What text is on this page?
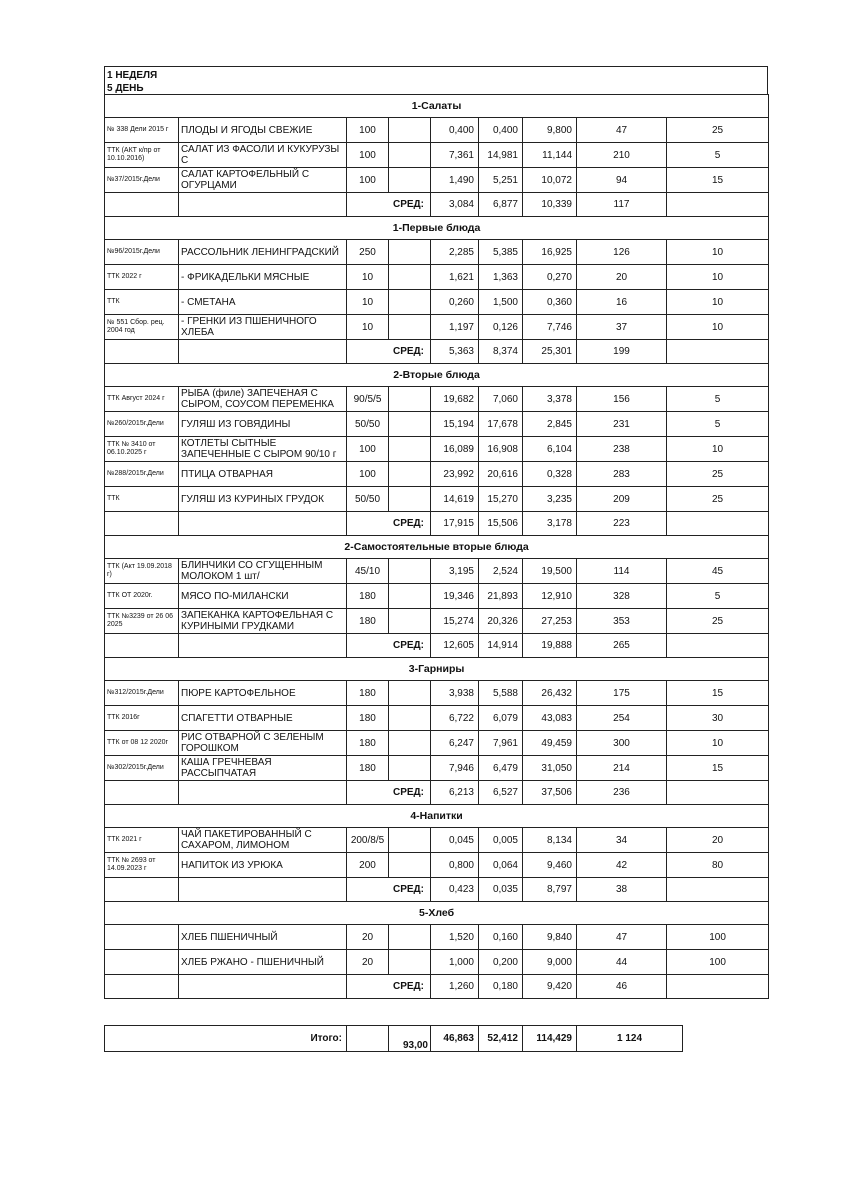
1 НЕДЕЛЯ
5 ДЕНЬ
1-Салаты								
№ 338 Дели 2015 г	ПЛОДЫ И ЯГОДЫ СВЕЖИЕ	100		0,400	0,400	9,800	47	25
ТТК (АКТ к/пр от 10.10.2016)	САЛАТ ИЗ ФАСОЛИ И КУКУРУЗЫ С	100		7,361	14,981	11,144	210	5
№37/2015г.Дели	САЛАТ КАРТОФЕЛЬНЫЙ С ОГУРЦАМИ	100		1,490	5,251	10,072	94	15
		СРЕД:		3,084	6,877	10,339	117	
1-Первые блюда								
№96/2015г.Дели	РАССОЛЬНИК ЛЕНИНГРАДСКИЙ	250		2,285	5,385	16,925	126	10
ТТК 2022 г	- ФРИКАДЕЛЬКИ МЯСНЫЕ	10		1,621	1,363	0,270	20	10
ТТК	- СМЕТАНА	10		0,260	1,500	0,360	16	10
№ 551 Сбор. рец. 2004 год	- ГРЕНКИ ИЗ ПШЕНИЧНОГО ХЛЕБА	10		1,197	0,126	7,746	37	10
		СРЕД:		5,363	8,374	25,301	199	
2-Вторые блюда								
ТТК Август 2024 г	РЫБА (филе) ЗАПЕЧЕНАЯ С СЫРОМ, СОУСОМ ПЕРЕМЕНКА	90/5/5		19,682	7,060	3,378	156	5
№260/2015г.Дели	ГУЛЯШ ИЗ ГОВЯДИНЫ	50/50		15,194	17,678	2,845	231	5
ТТК № 3410 от 06.10.2025 г	КОТЛЕТЫ СЫТНЫЕ ЗАПЕЧЕННЫЕ С СЫРОМ 90/10 г	100		16,089	16,908	6,104	238	10
№288/2015г.Дели	ПТИЦА ОТВАРНАЯ	100		23,992	20,616	0,328	283	25
ТТК	ГУЛЯШ ИЗ КУРИНЫХ ГРУДОК	50/50		14,619	15,270	3,235	209	25
		СРЕД:		17,915	15,506	3,178	223	
2-Самостоятельные вторые блюда								
ТТК (Акт 19.09.2018 г)	БЛИНЧИКИ СО СГУЩЕННЫМ МОЛОКОМ 1 шт/	45/10		3,195	2,524	19,500	114	45
ТТК ОТ 2020г.	МЯСО ПО-МИЛАНСКИ	180		19,346	21,893	12,910	328	5
ТТК №3239 от 26 06 2025	ЗАПЕКАНКА КАРТОФЕЛЬНАЯ С КУРИНЫМИ ГРУДКАМИ	180		15,274	20,326	27,253	353	25
		СРЕД:		12,605	14,914	19,888	265	
3-Гарниры								
№312/2015г.Дели	ПЮРЕ КАРТОФЕЛЬНОЕ	180		3,938	5,588	26,432	175	15
ТТК 2016г	СПАГЕТТИ ОТВАРНЫЕ	180		6,722	6,079	43,083	254	30
ТТК от 08 12 2020г	РИС ОТВАРНОЙ С ЗЕЛЕНЫМ ГОРОШКОМ	180		6,247	7,961	49,459	300	10
№302/2015г.Дели	КАША ГРЕЧНЕВАЯ РАССЫПЧАТАЯ	180		7,946	6,479	31,050	214	15
		СРЕД:		6,213	6,527	37,506	236	
4-Напитки								
ТТК 2021 г	ЧАЙ ПАКЕТИРОВАННЫЙ С САХАРОМ, ЛИМОНОМ	200/8/5		0,045	0,005	8,134	34	20
ТТК № 2693 от 14.09.2023 г	НАПИТОК ИЗ УРЮКА	200		0,800	0,064	9,460	42	80
		СРЕД:		0,423	0,035	8,797	38	
5-Хлеб								
	ХЛЕБ ПШЕНИЧНЫЙ	20		1,520	0,160	9,840	47	100
	ХЛЕБ РЖАНО - ПШЕНИЧНЫЙ	20		1,000	0,200	9,000	44	100
		СРЕД:		1,260	0,180	9,420	46	
Итого:		93,00	46,863	52,412	114,429	1 124
